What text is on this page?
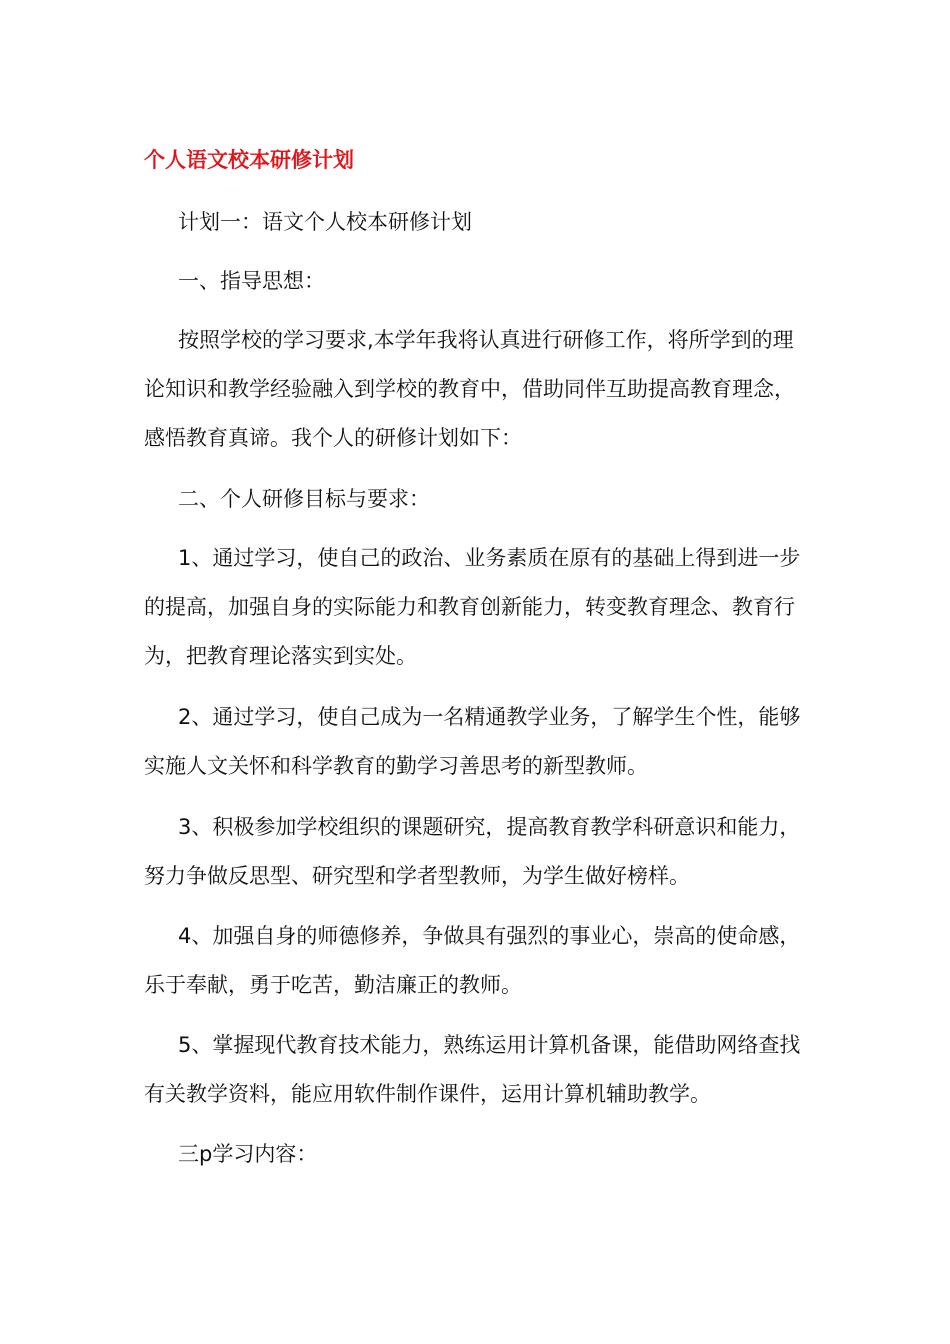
个人语文校本研修计划

计划一：语文个人校本研修计划

一、指导思想：

按照学校的学习要求,本学年我将认真进行研修工作，将所学到的理论知识和教学经验融入到学校的教育中，借助同伴互助提高教育理念，感悟教育真谛。我个人的研修计划如下：

二、个人研修目标与要求：

1、通过学习，使自己的政治、业务素质在原有的基础上得到进一步的提高，加强自身的实际能力和教育创新能力，转变教育理念、教育行为，把教育理论落实到实处。

2、通过学习，使自己成为一名精通教学业务，了解学生个性，能够实施人文关怀和科学教育的勤学习善思考的新型教师。

3、积极参加学校组织的课题研究，提高教育教学科研意识和能力，努力争做反思型、研究型和学者型教师，为学生做好榜样。

4、加强自身的师德修养，争做具有强烈的事业心，崇高的使命感，乐于奉献，勇于吃苦，勤洁廉正的教师。

5、掌握现代教育技术能力，熟练运用计算机备课，能借助网络查找有关教学资料，能应用软件制作课件，运用计算机辅助教学。

三p学习内容：
